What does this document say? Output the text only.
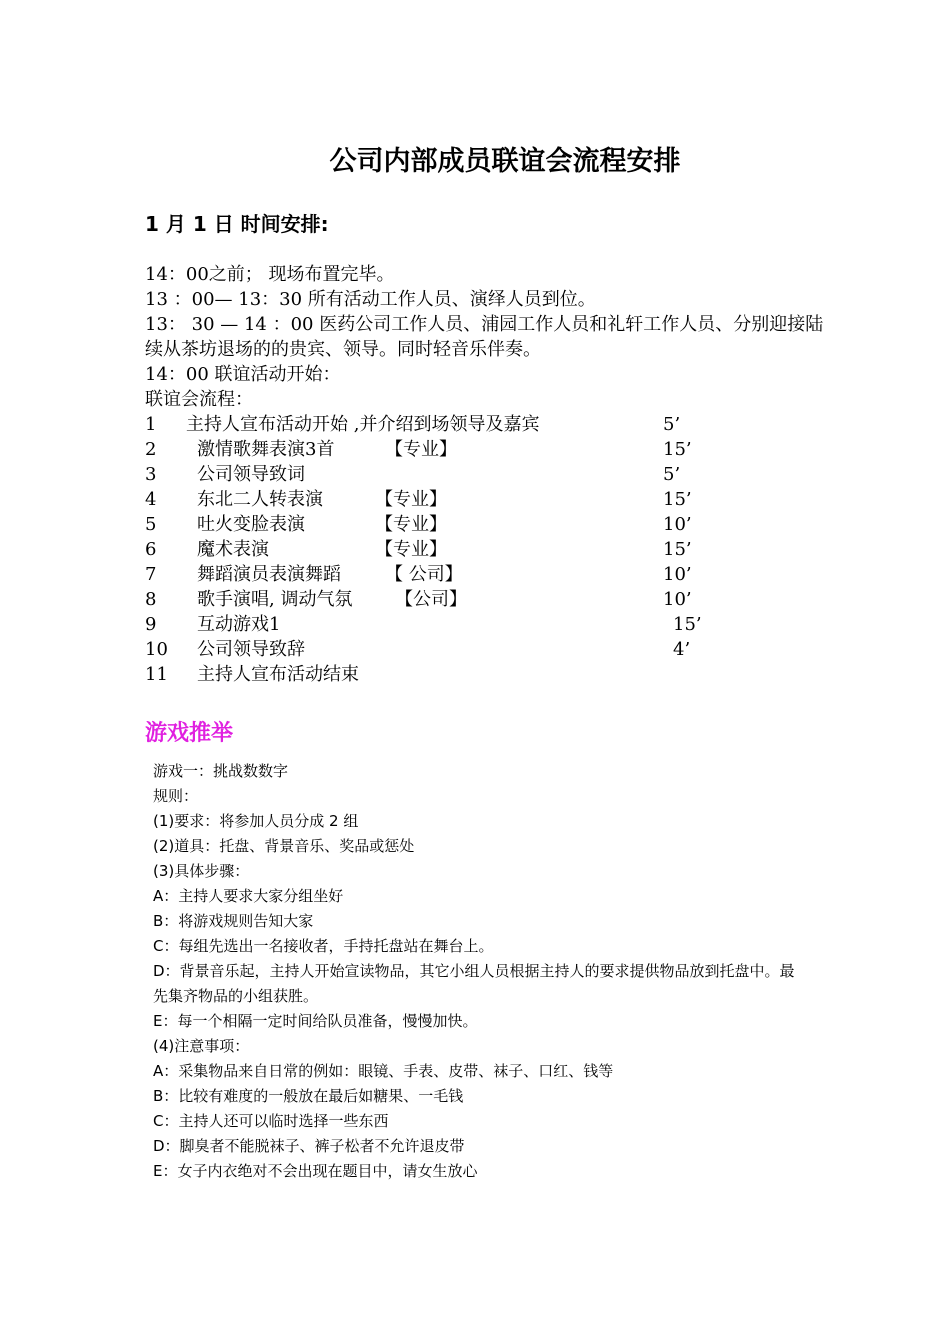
公司内部成员联谊会流程安排
1 月 1 日 时间安排:
14：00之前； 现场布置完毕。
13 ：00— 13：30 所有活动工作人员、演绎人员到位。
13： 30 — 14 ：00 医药公司工作人员、浦园工作人员和礼轩工作人员、分别迎接陆续从茶坊退场的的贵宾、领导。同时轻音乐伴奏。
14：00 联谊活动开始：
联谊会流程：
1 主持人宣布活动开始 ,并介绍到场领导及嘉宾	5’
2 激情歌舞表演3首	【专业】	15’
3 公司领导致词	5’
4 东北二人转表演	【专业】	15’
5 吐火变脸表演	【专业】	10’
6 魔术表演	【专业】	15’
7 舞蹈演员表演舞蹈 【 公司】	10’
8 歌手演唱, 调动气氛 【公司】	10’
9 互动游戏1	15’
10 公司领导致辞	4’
11 主持人宣布活动结束
游戏推举
游戏一：挑战数数字
规则：
(1)要求：将参加人员分成 2 组
(2)道具：托盘、背景音乐、奖品或惩处
(3)具体步骤：
A：主持人要求大家分组坐好
B：将游戏规则告知大家
C：每组先选出一名接收者，手持托盘站在舞台上。
D：背景音乐起，主持人开始宣读物品，其它小组人员根据主持人的要求提供物品放到托盘中。最先集齐物品的小组获胜。
E：每一个相隔一定时间给队员准备，慢慢加快。
(4)注意事项：
A：采集物品来自日常的例如：眼镜、手表、皮带、袜子、口红、钱等
B：比较有难度的一般放在最后如糖果、一毛钱
C：主持人还可以临时选择一些东西
D：脚臭者不能脱袜子、裤子松者不允许退皮带
E：女子内衣绝对不会出现在题目中，请女生放心
